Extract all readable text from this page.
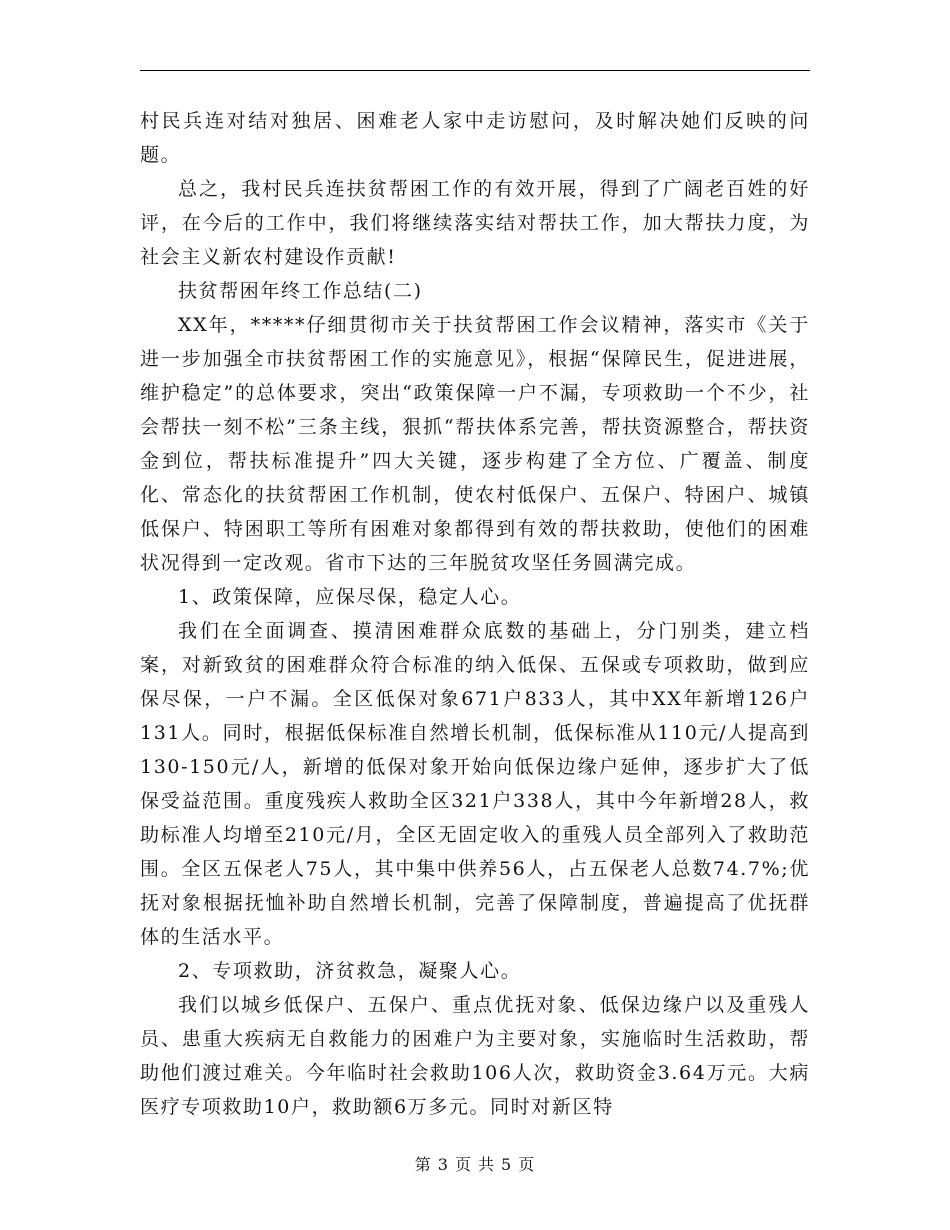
村民兵连对结对独居、困难老人家中走访慰问，及时解决她们反映的问题。

总之，我村民兵连扶贫帮困工作的有效开展，得到了广阔老百姓的好评，在今后的工作中，我们将继续落实结对帮扶工作，加大帮扶力度，为社会主义新农村建设作贡献!

扶贫帮困年终工作总结(二)

XX年，*****仔细贯彻市关于扶贫帮困工作会议精神，落实市《关于进一步加强全市扶贫帮困工作的实施意见》，根据“保障民生，促进进展，维护稳定”的总体要求，突出“政策保障一户不漏，专项救助一个不少，社会帮扶一刻不松”三条主线，狠抓“帮扶体系完善，帮扶资源整合，帮扶资金到位，帮扶标准提升”四大关键，逐步构建了全方位、广覆盖、制度化、常态化的扶贫帮困工作机制，使农村低保户、五保户、特困户、城镇低保户、特困职工等所有困难对象都得到有效的帮扶救助，使他们的困难状况得到一定改观。省市下达的三年脱贫攻坚任务圆满完成。

1、政策保障，应保尽保，稳定人心。

我们在全面调查、摸清困难群众底数的基础上，分门别类，建立档案，对新致贫的困难群众符合标准的纳入低保、五保或专项救助，做到应保尽保，一户不漏。全区低保对象671户833人，其中XX年新增126户131人。同时，根据低保标准自然增长机制，低保标准从110元/人提高到130-150元/人，新增的低保对象开始向低保边缘户延伸，逐步扩大了低保受益范围。重度残疾人救助全区321户338人，其中今年新增28人，救助标准人均增至210元/月，全区无固定收入的重残人员全部列入了救助范围。全区五保老人75人，其中集中供养56人，占五保老人总数74.7%;优抚对象根据抚恤补助自然增长机制，完善了保障制度，普遍提高了优抚群体的生活水平。

2、专项救助，济贫救急，凝聚人心。

我们以城乡低保户、五保户、重点优抚对象、低保边缘户以及重残人员、患重大疾病无自救能力的困难户为主要对象，实施临时生活救助，帮助他们渡过难关。今年临时社会救助106人次，救助资金3.64万元。大病医疗专项救助10户，救助额6万多元。同时对新区特

第 3 页 共 5 页
